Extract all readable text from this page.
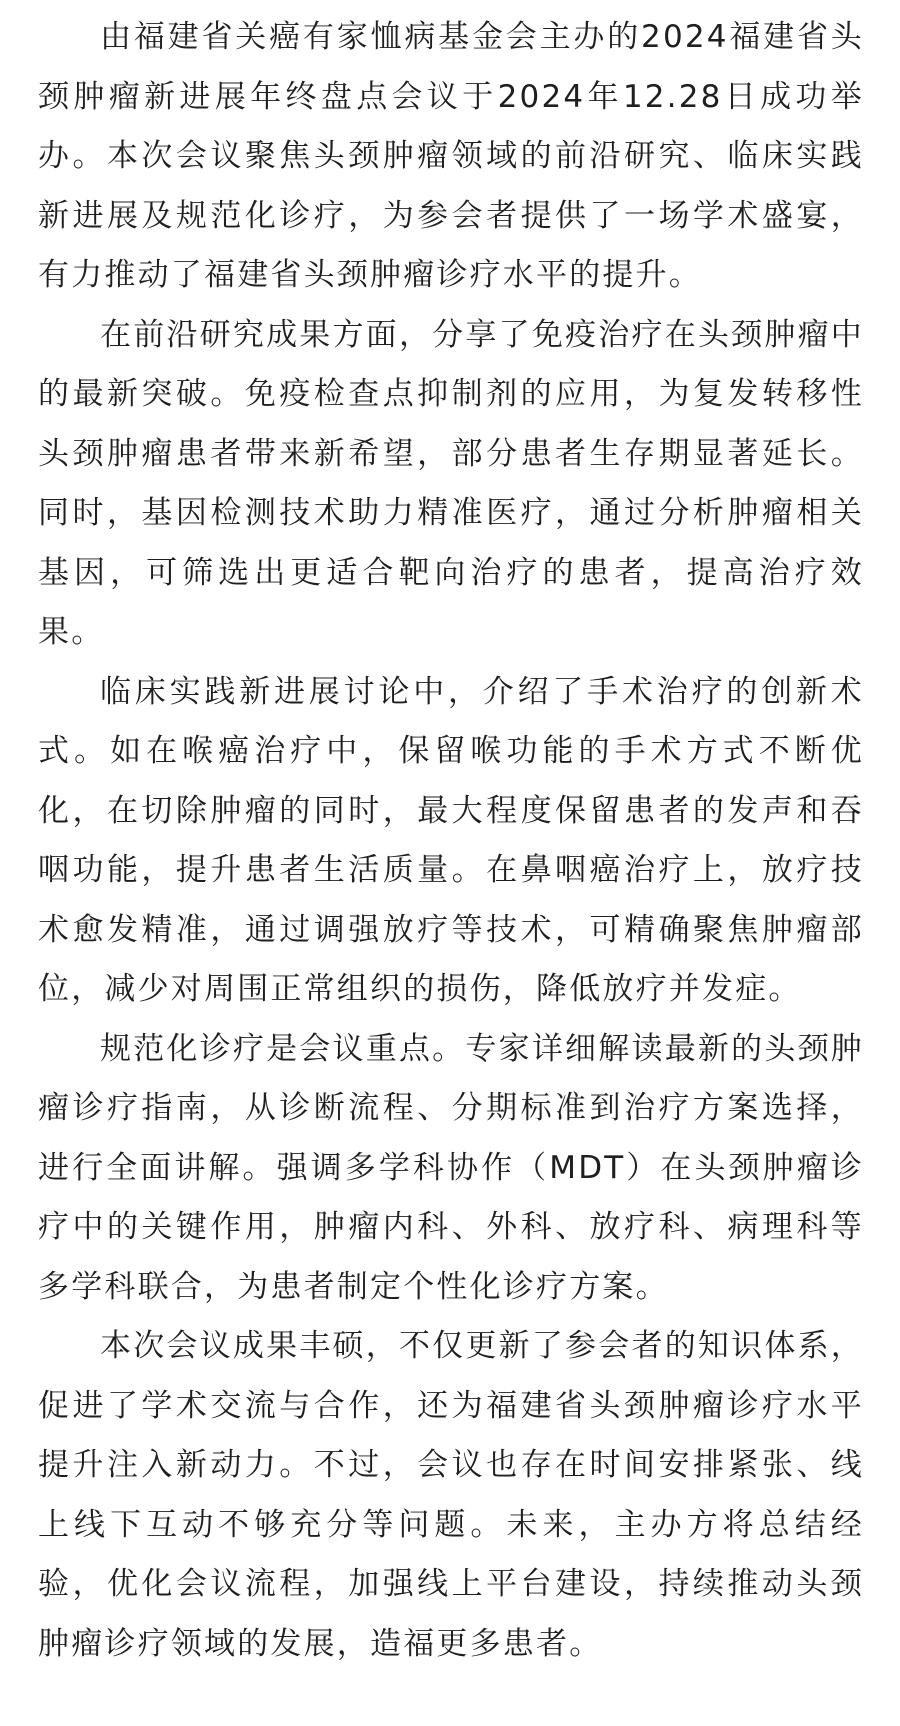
由福建省关癌有家恤病基金会主办的2024福建省头颈肿瘤新进展年终盘点会议于2024年12.28日成功举办。本次会议聚焦头颈肿瘤领域的前沿研究、临床实践新进展及规范化诊疗，为参会者提供了一场学术盛宴，有力推动了福建省头颈肿瘤诊疗水平的提升。

在前沿研究成果方面，分享了免疫治疗在头颈肿瘤中的最新突破。免疫检查点抑制剂的应用，为复发转移性头颈肿瘤患者带来新希望，部分患者生存期显著延长。同时，基因检测技术助力精准医疗，通过分析肿瘤相关基因，可筛选出更适合靶向治疗的患者，提高治疗效果。

临床实践新进展讨论中，介绍了手术治疗的创新术式。如在喉癌治疗中，保留喉功能的手术方式不断优化，在切除肿瘤的同时，最大程度保留患者的发声和吞咽功能，提升患者生活质量。在鼻咽癌治疗上，放疗技术愈发精准，通过调强放疗等技术，可精确聚焦肿瘤部位，减少对周围正常组织的损伤，降低放疗并发症。

规范化诊疗是会议重点。专家详细解读最新的头颈肿瘤诊疗指南，从诊断流程、分期标准到治疗方案选择，进行全面讲解。强调多学科协作（MDT）在头颈肿瘤诊疗中的关键作用，肿瘤内科、外科、放疗科、病理科等多学科联合，为患者制定个性化诊疗方案。

本次会议成果丰硕，不仅更新了参会者的知识体系，促进了学术交流与合作，还为福建省头颈肿瘤诊疗水平提升注入新动力。不过，会议也存在时间安排紧张、线上线下互动不够充分等问题。未来，主办方将总结经验，优化会议流程，加强线上平台建设，持续推动头颈肿瘤诊疗领域的发展，造福更多患者。
